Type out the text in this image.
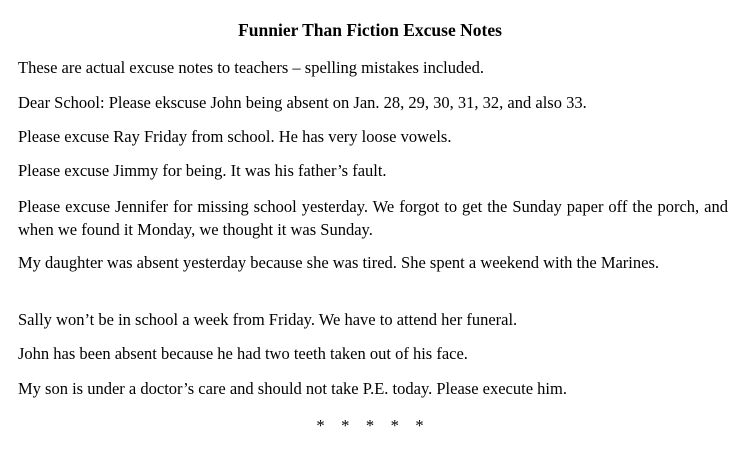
Funnier Than Fiction Excuse Notes

These are actual excuse notes to teachers – spelling mistakes included.

Dear School: Please ekscuse John being absent on Jan. 28, 29, 30, 31, 32, and also 33.

Please excuse Ray Friday from school. He has very loose vowels.

Please excuse Jimmy for being. It was his father’s fault.

Please excuse Jennifer for missing school yesterday. We forgot to get the Sunday paper off the porch, and when we found it Monday, we thought it was Sunday.

My daughter was absent yesterday because she was tired. She spent a weekend with the Marines.

Sally won’t be in school a week from Friday. We have to attend her funeral.

John has been absent because he had two teeth taken out of his face.

My son is under a doctor’s care and should not take P.E. today. Please execute him.

*    *    *    *    *
